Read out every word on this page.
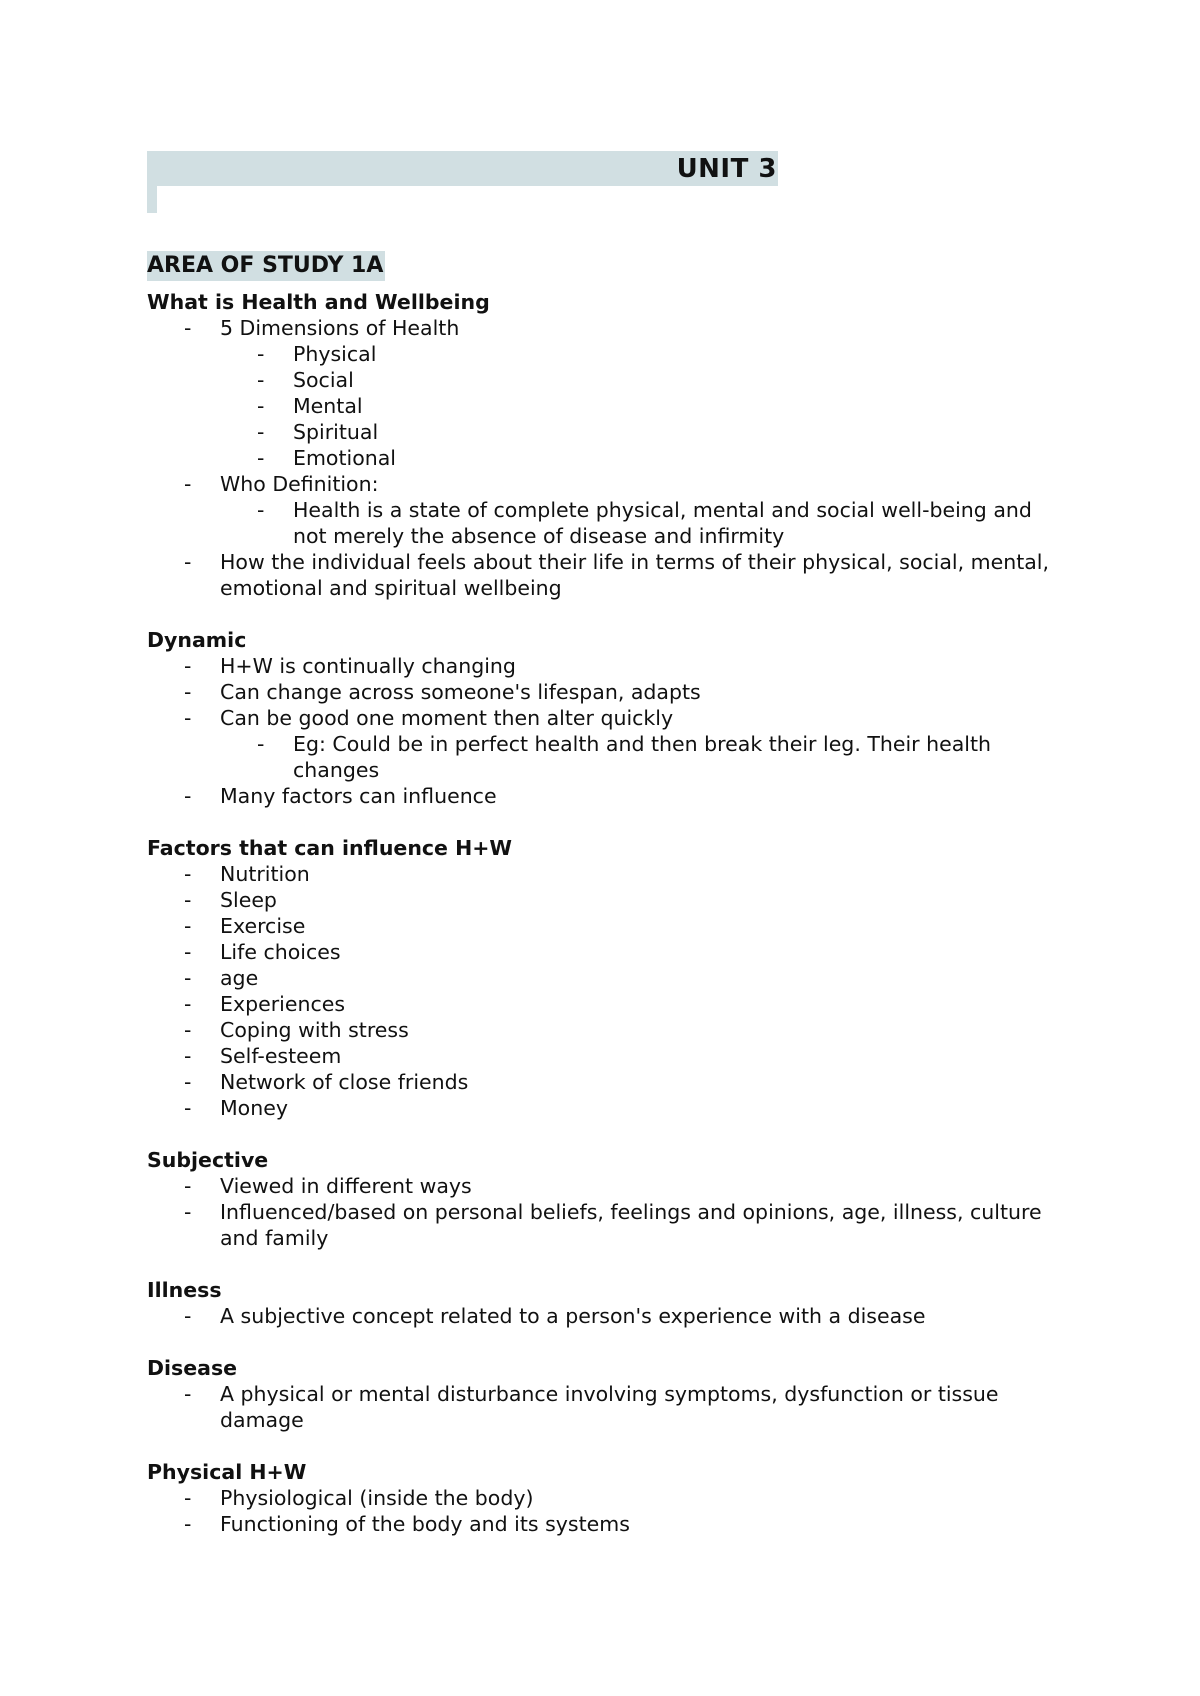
UNIT 3
AREA OF STUDY 1A
What is Health and Wellbeing
- 5 Dimensions of Health
- Physical
- Social
- Mental
- Spiritual
- Emotional
- Who Definition:
- Health is a state of complete physical, mental and social well-being and not merely the absence of disease and infirmity
- How the individual feels about their life in terms of their physical, social, mental, emotional and spiritual wellbeing
Dynamic
- H+W is continually changing
- Can change across someone's lifespan, adapts
- Can be good one moment then alter quickly
- Eg: Could be in perfect health and then break their leg. Their health changes
- Many factors can influence
Factors that can influence H+W
- Nutrition
- Sleep
- Exercise
- Life choices
- age
- Experiences
- Coping with stress
- Self-esteem
- Network of close friends
- Money
Subjective
- Viewed in different ways
- Influenced/based on personal beliefs, feelings and opinions, age, illness, culture and family
Illness
- A subjective concept related to a person's experience with a disease
Disease
- A physical or mental disturbance involving symptoms, dysfunction or tissue damage
Physical H+W
- Physiological (inside the body)
- Functioning of the body and its systems
